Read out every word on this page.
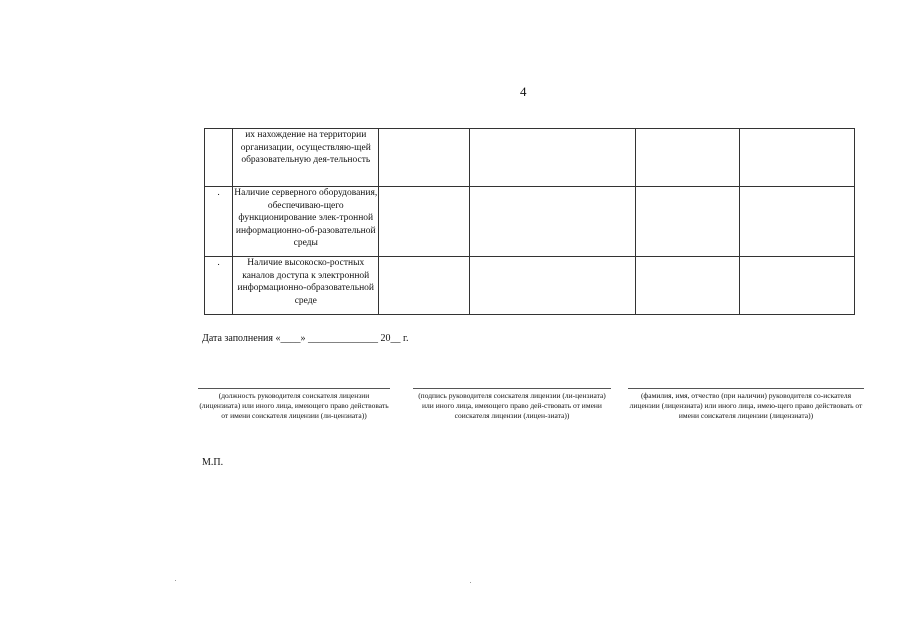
4
	их нахождение на территории организации, осуществляю-щей образовательную дея-тельность				
.	Наличие серверного оборудования, обеспечиваю-щего функционирование элек-тронной информационно-об-разовательной среды				
.	Наличие высокоско-ростных каналов доступа к электронной информационно-образовательной среде				
Дата заполнения «____» ______________ 20__ г.
(должность руководителя соискателя лицензии (лицензиата) или иного лица, имеющего право действовать от имени соискателя лицензии (ли-цензиата))
(подпись руководителя соискателя лицензии (ли-цензиата) или иного лица, имеющего право дей-ствовать от имени соискателя лицензии (лицен-зиата))
(фамилия, имя, отчество (при наличии) руководителя со-искателя лицензии (лицензиата) или иного лица, имею-щего право действовать от имени соискателя лицензии (лицензиата))
М.П.
